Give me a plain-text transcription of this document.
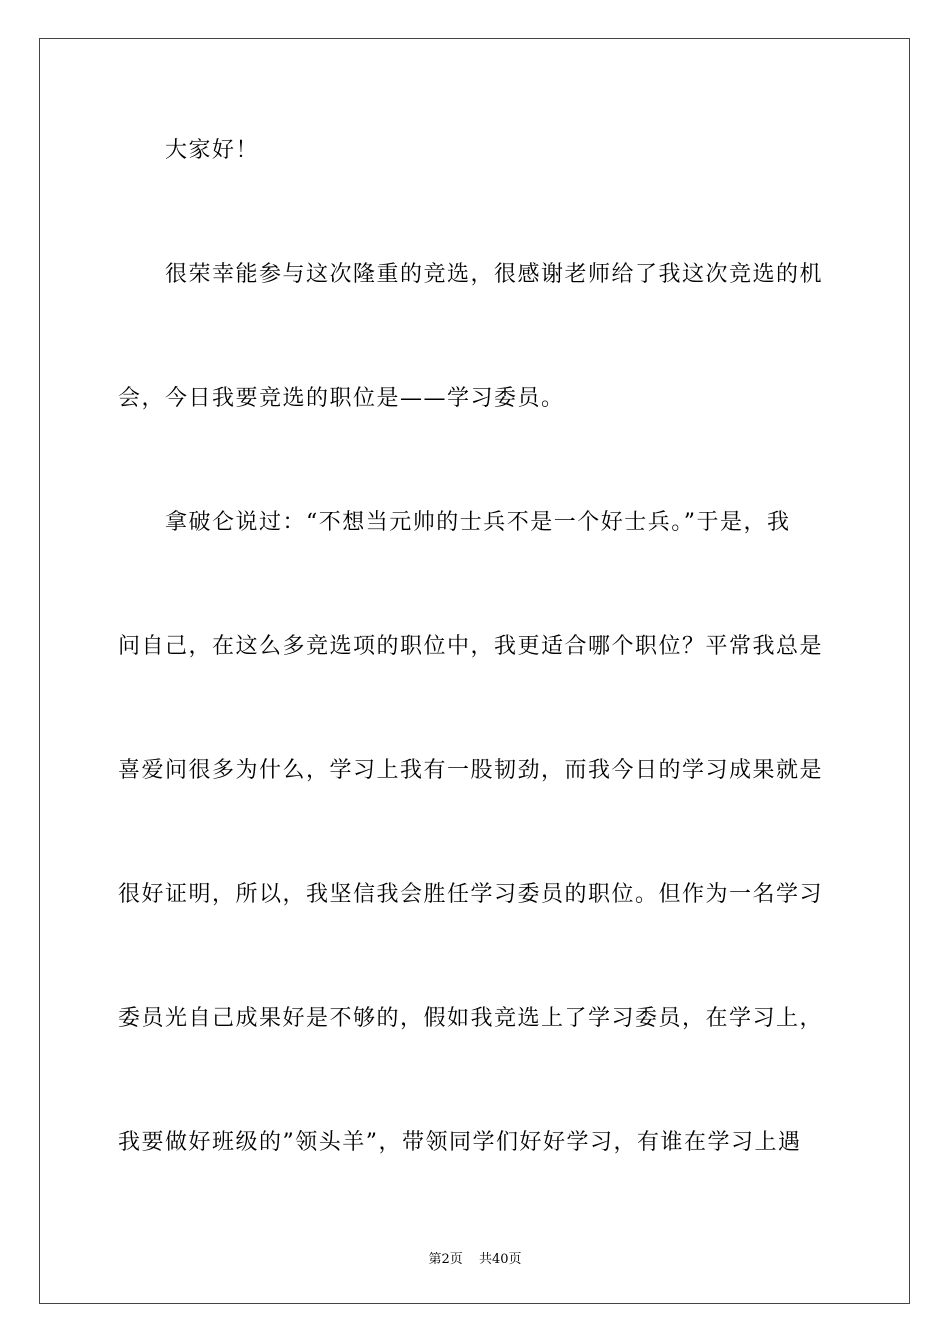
　　大家好！
　　很荣幸能参与这次隆重的竞选，很感谢老师给了我这次竞选的机
会，今日我要竞选的职位是——学习委员。
　　拿破仑说过：“不想当元帅的士兵不是一个好士兵。”于是，我
问自己，在这么多竞选项的职位中，我更适合哪个职位？平常我总是
喜爱问很多为什么，学习上我有一股韧劲，而我今日的学习成果就是
很好证明，所以，我坚信我会胜任学习委员的职位。但作为一名学习
委员光自己成果好是不够的，假如我竞选上了学习委员，在学习上，
我要做好班级的”领头羊”，带领同学们好好学习，有谁在学习上遇
第2页 共40页
